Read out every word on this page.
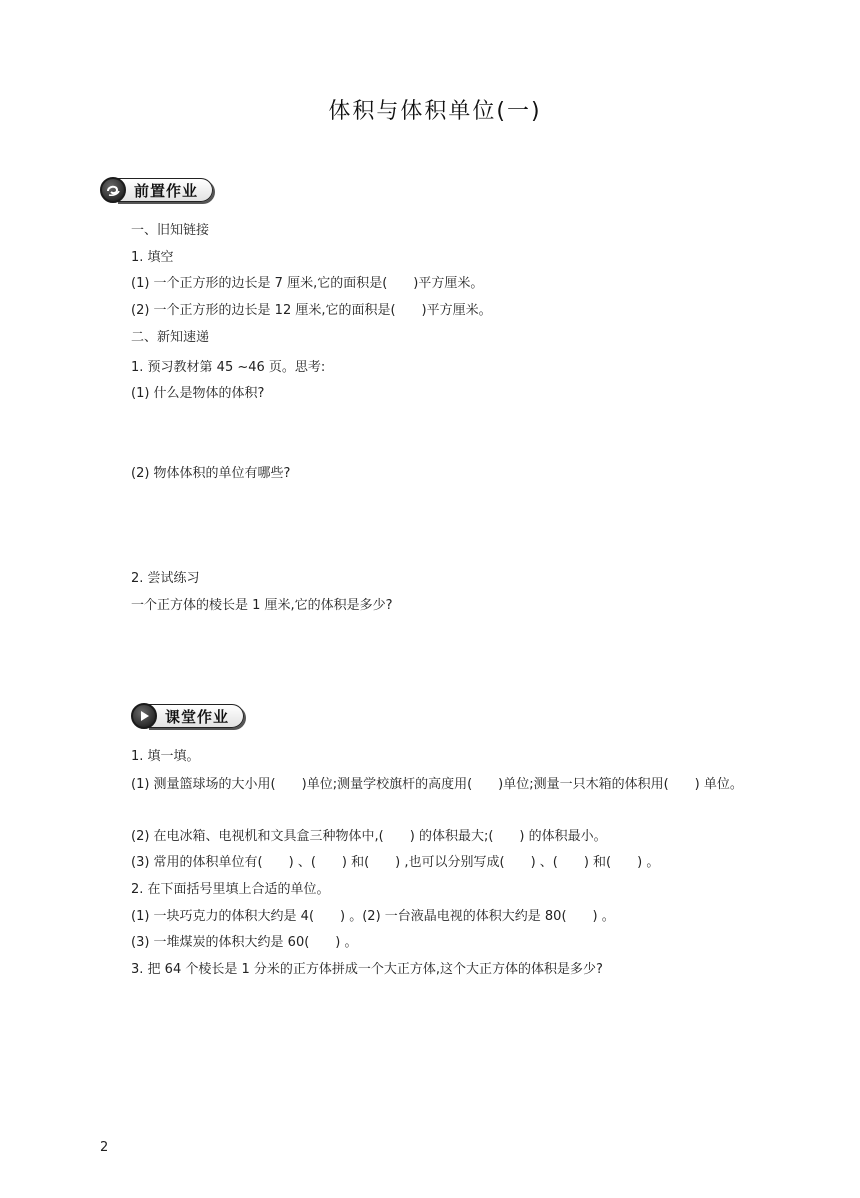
体积与体积单位(一)
前置作业
一、旧知链接
1. 填空
(1) 一个正方形的边长是 7 厘米,它的面积是(　　)平方厘米。
(2) 一个正方形的边长是 12 厘米,它的面积是(　　)平方厘米。
二、新知速递
1. 预习教材第 45 ~46 页。思考:
(1) 什么是物体的体积?
(2) 物体体积的单位有哪些?
2. 尝试练习
一个正方体的棱长是 1 厘米,它的体积是多少?
课堂作业
1. 填一填。
(1) 测量篮球场的大小用(　　)单位;测量学校旗杆的高度用(　　)单位;测量一只木箱的体积用(　　) 单位。
(2) 在电冰箱、电视机和文具盒三种物体中,(　　) 的体积最大;(　　) 的体积最小。
(3) 常用的体积单位有(　　) 、(　　) 和(　　) ,也可以分别写成(　　) 、(　　) 和(　　) 。
2. 在下面括号里填上合适的单位。
(1) 一块巧克力的体积大约是 4(　　) 。(2) 一台液晶电视的体积大约是 80(　　) 。
(3) 一堆煤炭的体积大约是 60(　　) 。
3. 把 64 个棱长是 1 分米的正方体拼成一个大正方体,这个大正方体的体积是多少?
2
